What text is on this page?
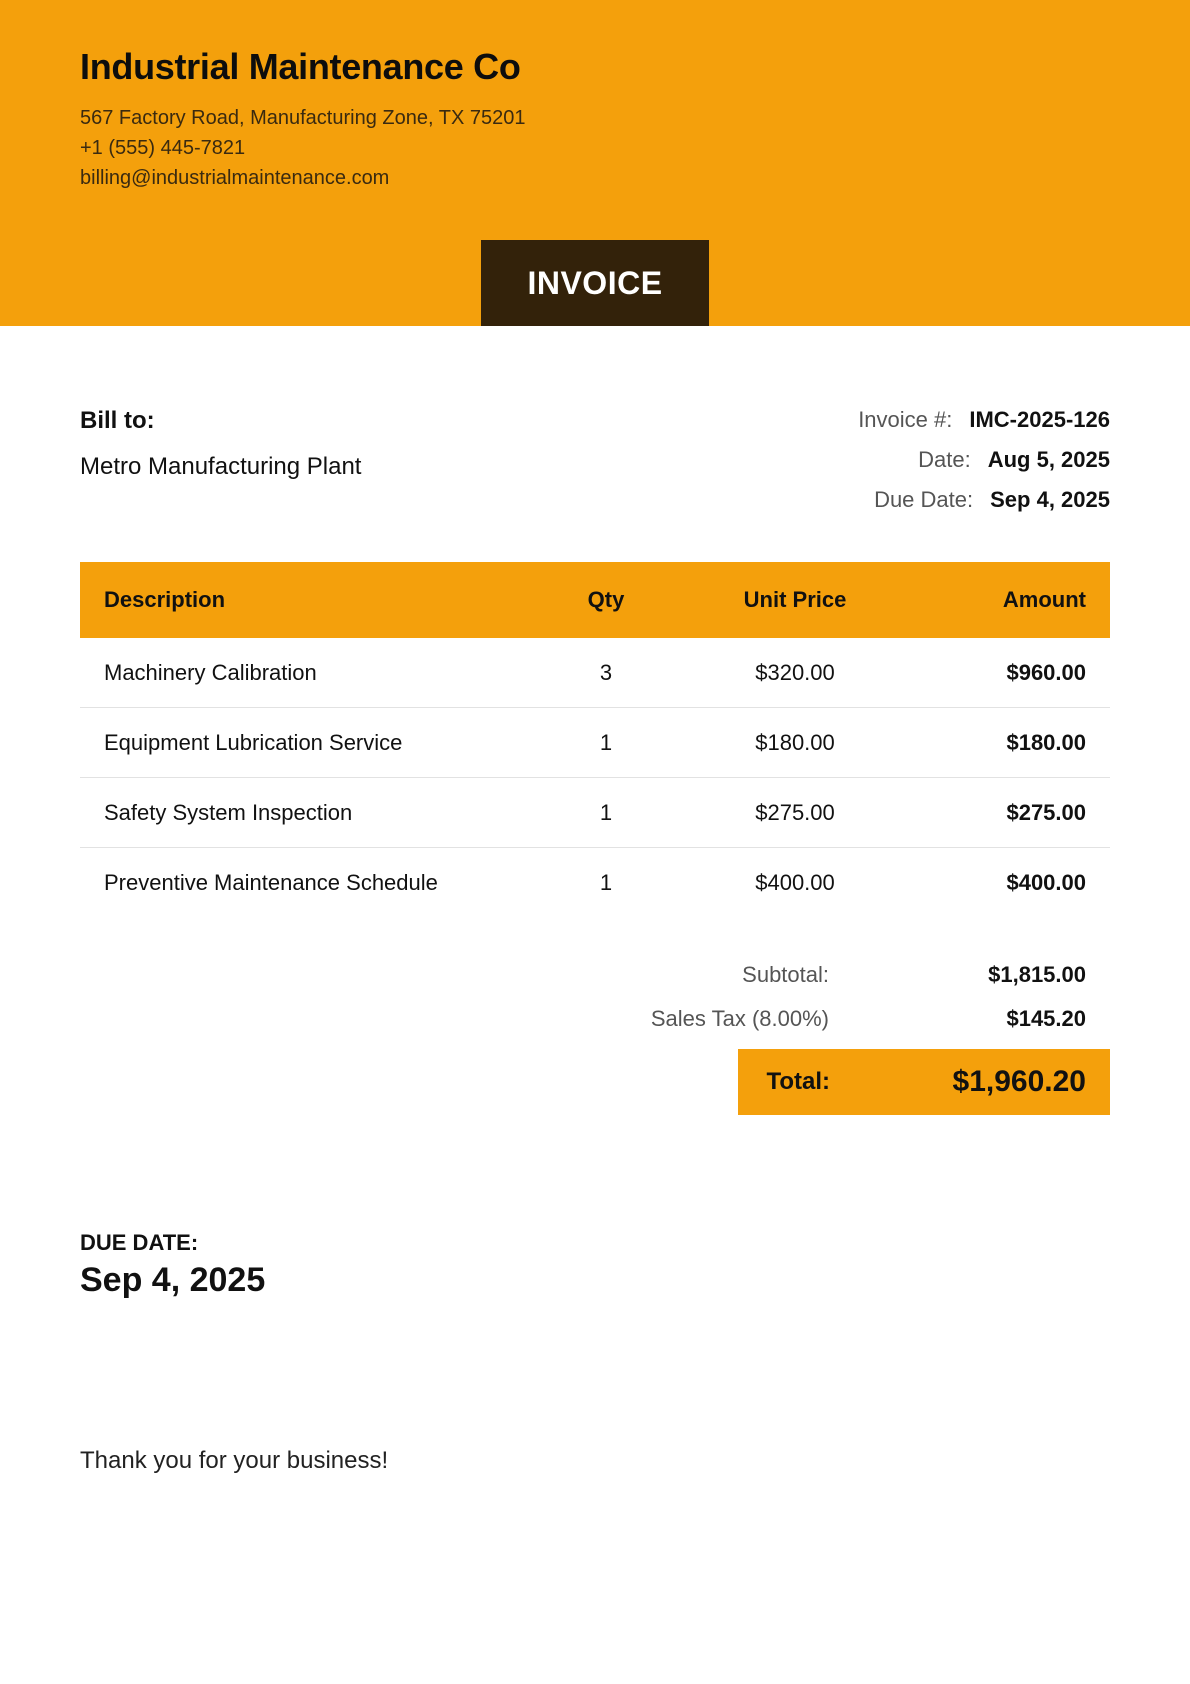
Industrial Maintenance Co
567 Factory Road, Manufacturing Zone, TX 75201
+1 (555) 445-7821
billing@industrialmaintenance.com
INVOICE
Bill to:
Metro Manufacturing Plant
Invoice #: IMC-2025-126
Date: Aug 5, 2025
Due Date: Sep 4, 2025
Description	Qty	Unit Price	Amount
Machinery Calibration	3	$320.00	$960.00
Equipment Lubrication Service	1	$180.00	$180.00
Safety System Inspection	1	$275.00	$275.00
Preventive Maintenance Schedule	1	$400.00	$400.00
Subtotal:	$1,815.00
Sales Tax (8.00%)	$145.20
Total:	$1,960.20
DUE DATE:
Sep 4, 2025
Thank you for your business!
